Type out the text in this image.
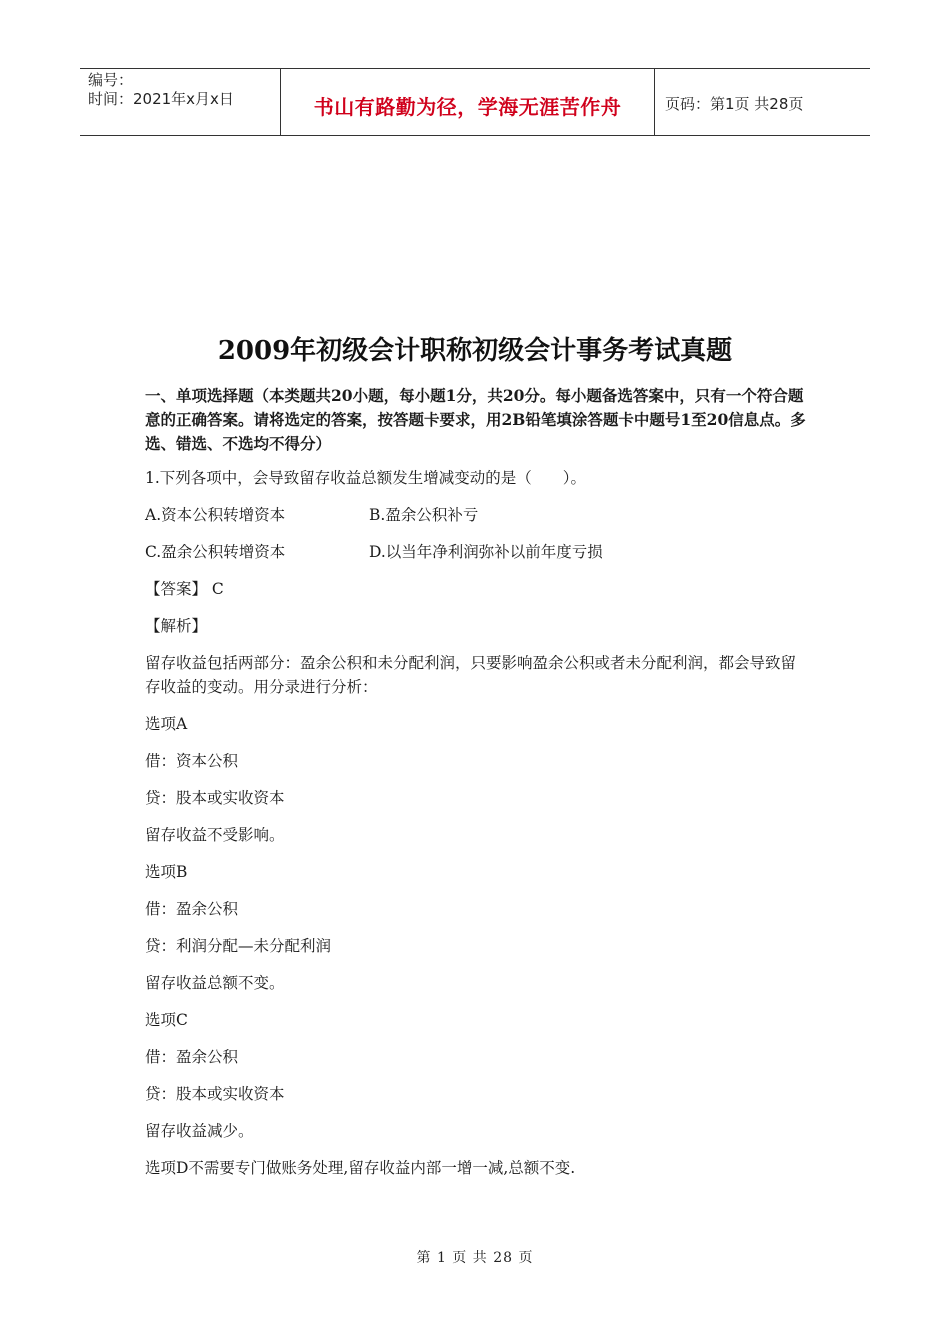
编号：
时间：2021年x月x日	书山有路勤为径，学海无涯苦作舟	页码：第1页 共28页
2009年初级会计职称初级会计事务考试真题
一、单项选择题（本类题共20小题，每小题1分，共20分。每小题备选答案中，只有一个符合题意的正确答案。请将选定的答案，按答题卡要求，用2B铅笔填涂答题卡中题号1至20信息点。多选、错选、不选均不得分）
1.下列各项中，会导致留存收益总额发生增减变动的是（　　）。
A.资本公积转增资本	B.盈余公积补亏
C.盈余公积转增资本	D.以当年净利润弥补以前年度亏损
【答案】 C
【解析】
留存收益包括两部分：盈余公积和未分配利润，只要影响盈余公积或者未分配利润，都会导致留存收益的变动。用分录进行分析：
选项A
借：资本公积
贷：股本或实收资本
留存收益不受影响。
选项B
借：盈余公积
贷：利润分配—未分配利润
留存收益总额不变。
选项C
借：盈余公积
贷：股本或实收资本
留存收益减少。
选项D不需要专门做账务处理,留存收益内部一增一减,总额不变.
第 1 页 共 28 页
